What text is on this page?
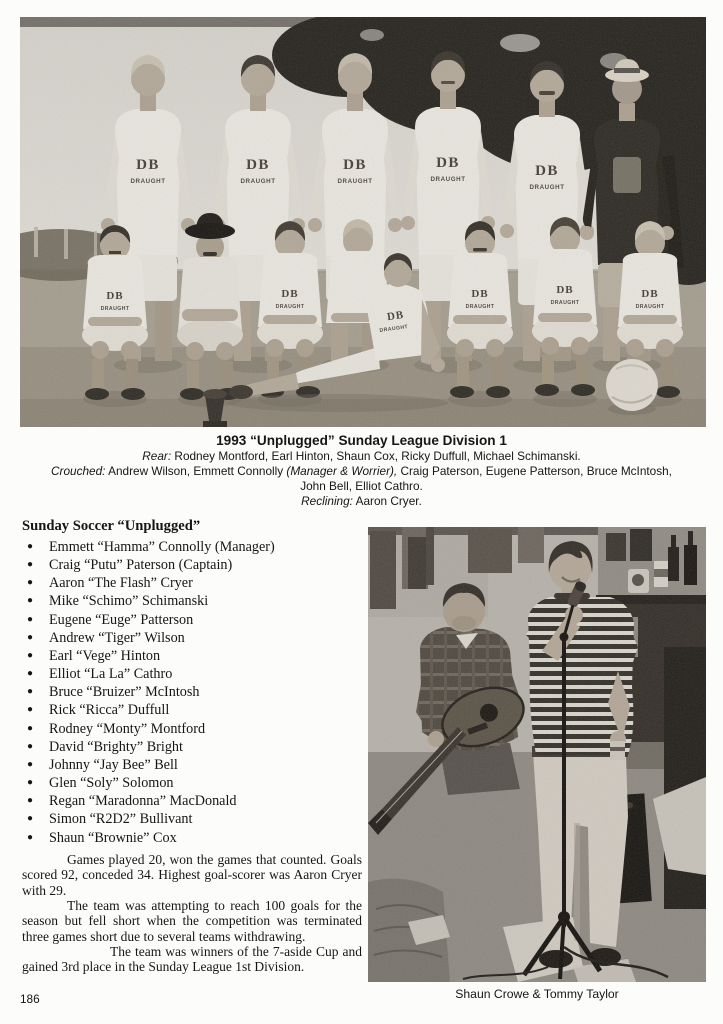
DB
DRAUGHT
DB
DRAUGHT
DB
DRAUGHT
DB
DRAUGHT
DB
DRAUGHT
DB
DRAUGHT
DB
DRAUGHT
DB
DRAUGHT
DB
DRAUGHT
DB
DRAUGHT
DB
DRAUGHT
1993 “Unplugged” Sunday League Division 1
Rear: Rodney Montford, Earl Hinton, Shaun Cox, Ricky Duffull, Michael Schimanski.
Crouched: Andrew Wilson, Emmett Connolly (Manager & Worrier), Craig Paterson, Eugene Patterson, Bruce McIntosh,
John Bell, Elliot Cathro.
Reclining: Aaron Cryer.
Sunday Soccer “Unplugged”
●	Emmett “Hamma” Connolly (Manager)
●	Craig “Putu” Paterson (Captain)
●	Aaron “The Flash” Cryer
●	Mike “Schimo” Schimanski
●	Eugene “Euge” Patterson
●	Andrew “Tiger” Wilson
●	Earl “Vege” Hinton
●	Elliot “La La” Cathro
●	Bruce “Bruizer” McIntosh
●	Rick “Ricca” Duffull
●	Rodney “Monty” Montford
●	David “Brighty” Bright
●	Johnny “Jay Bee” Bell
●	Glen “Soly” Solomon
●	Regan “Maradonna” MacDonald
●	Simon “R2D2” Bullivant
●	Shaun “Brownie” Cox

Games played 20, won the games that counted. Goals scored 92, conceded 34. Highest goal-scorer was Aaron Cryer with 29.

The team was attempting to reach 100 goals for the season but fell short when the competition was terminated three games short due to several teams withdrawing.

The team was winners of the 7-aside Cup and gained 3rd place in the Sunday League 1st Division.

Shaun Crowe & Tommy Taylor
186
